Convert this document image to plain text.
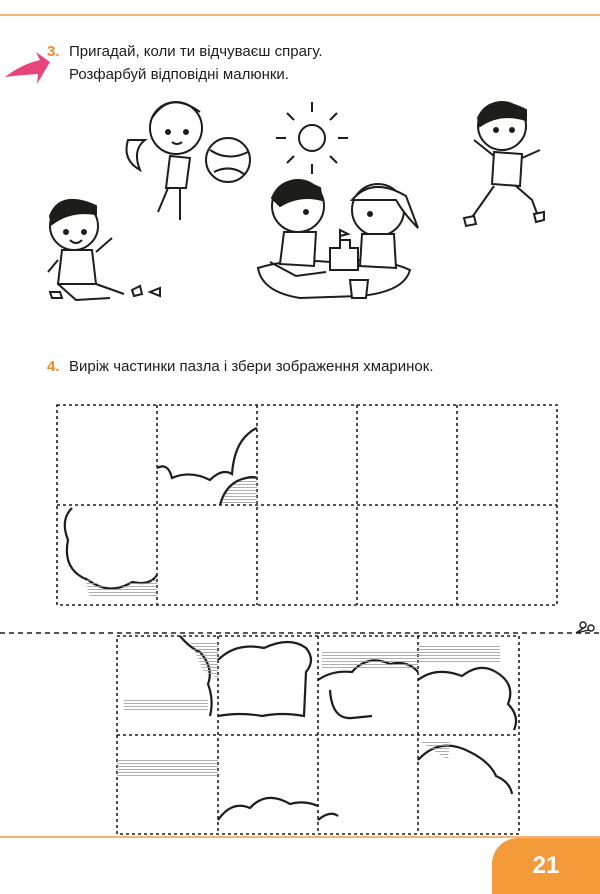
3. Пригадай, коли ти відчуваєш спрагу.
Розфарбуй відповідні малюнки.
4. Виріж частинки пазла і збери зображення хмаринок.
21
